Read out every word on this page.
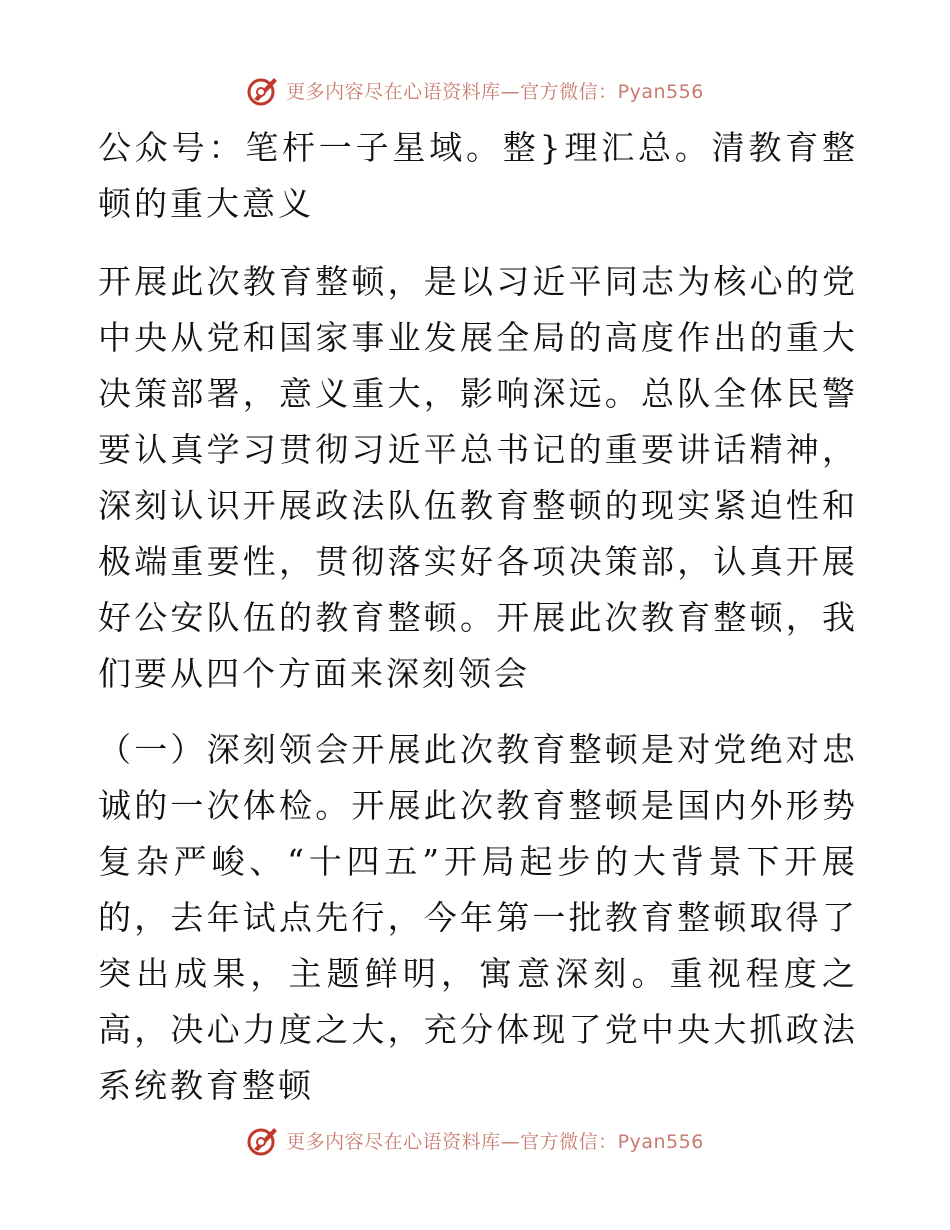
更多内容尽在心语资料库—官方微信：Pyan556

公众号：笔杆一子星域。整}理汇总。清教育整顿的重大意义

开展此次教育整顿，是以习近平同志为核心的党中央从党和国家事业发展全局的高度作出的重大决策部署，意义重大，影响深远。总队全体民警要认真学习贯彻习近平总书记的重要讲话精神，深刻认识开展政法队伍教育整顿的现实紧迫性和极端重要性，贯彻落实好各项决策部，认真开展好公安队伍的教育整顿。开展此次教育整顿，我们要从四个方面来深刻领会

（一）深刻领会开展此次教育整顿是对党绝对忠诚的一次体检。开展此次教育整顿是国内外形势复杂严峻、“十四五”开局起步的大背景下开展的，去年试点先行，今年第一批教育整顿取得了突出成果，主题鲜明，寓意深刻。重视程度之高，决心力度之大，充分体现了党中央大抓政法系统教育整顿

更多内容尽在心语资料库—官方微信：Pyan556
